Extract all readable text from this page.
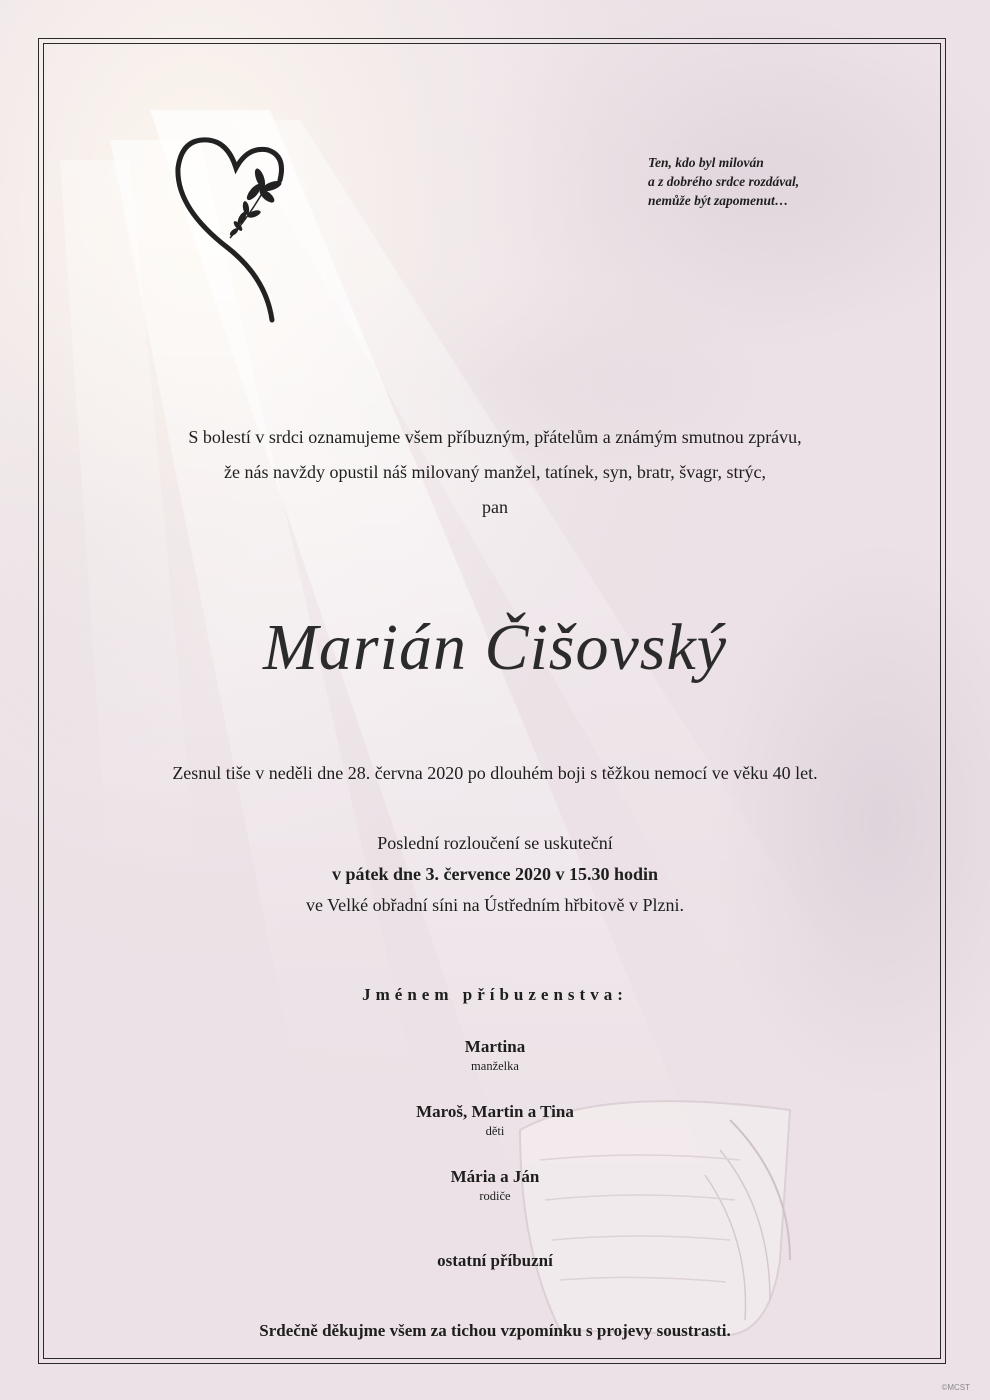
Ten, kdo byl milován
a z dobrého srdce rozdával,
nemůže být zapomenut…
S bolestí v srdci oznamujeme všem příbuzným, přátelům a známým smutnou zprávu,
že nás navždy opustil náš milovaný manžel, tatínek, syn, bratr, švagr, strýc,
pan
Marián Čišovský
Zesnul tiše v neděli dne 28. června 2020 po dlouhém boji s těžkou nemocí ve věku 40 let.
Poslední rozloučení se uskuteční
v pátek dne 3. července 2020 v 15.30 hodin
ve Velké obřadní síni na Ústředním hřbitově v Plzni.
Jménem příbuzenstva:
Martina
manželka
Maroš, Martin a Tina
děti
Mária a Ján
rodiče
ostatní příbuzní
Srdečně děkujme všem za tichou vzpomínku s projevy soustrasti.
©MCST
